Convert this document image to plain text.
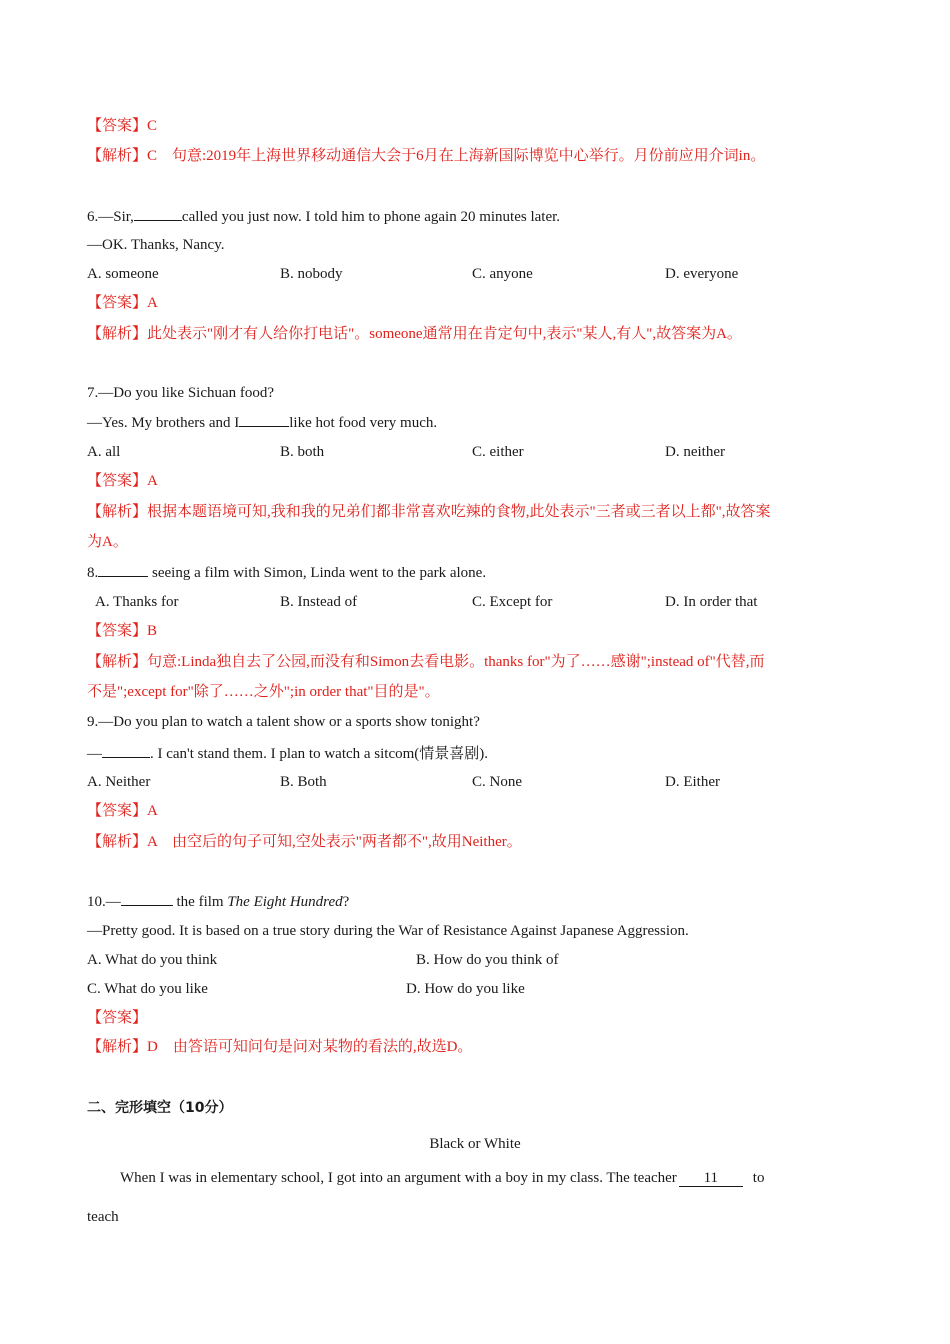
【答案】C
【解析】C　句意:2019年上海世界移动通信大会于6月在上海新国际博览中心举行。月份前应用介词in。
6.—Sir,	called you just now. I told him to phone again 20 minutes later.
—OK. Thanks, Nancy.
A. someone	B. nobody	C. anyone	D. everyone
【答案】A
【解析】此处表示"刚才有人给你打电话"。someone通常用在肯定句中,表示"某人,有人",故答案为A。
7.—Do you like Sichuan food?
—Yes. My brothers and I	like hot food very much.
A. all	B. both	C. either	D. neither
【答案】A
【解析】根据本题语境可知,我和我的兄弟们都非常喜欢吃辣的食物,此处表示"三者或三者以上都",故答案
为A。
8.	seeing a film with Simon, Linda went to the park alone.
A. Thanks for	B. Instead of	C. Except for	D. In order that
【答案】B
【解析】句意:Linda独自去了公园,而没有和Simon去看电影。thanks for"为了……感谢";instead of"代替,而
不是";except for"除了……之外";in order that"目的是"。
9.—Do you plan to watch a talent show or a sports show tonight?
—	. I can't stand them. I plan to watch a sitcom(情景喜剧).
A. Neither	B. Both	C. None	D. Either
【答案】A
【解析】A　由空后的句子可知,空处表示"两者都不",故用Neither。
10.—	the film The Eight Hundred?
—Pretty good. It is based on a true story during the War of Resistance Against Japanese Aggression.
A. What do you think	B. How do you think of
C. What do you like	D. How do you like
【答案】
【解析】D　由答语可知问句是问对某物的看法的,故选D。
二、完形填空（10分）
Black or White
When I was in elementary school, I got into an argument with a boy in my class. The teacher 11 to
teach
